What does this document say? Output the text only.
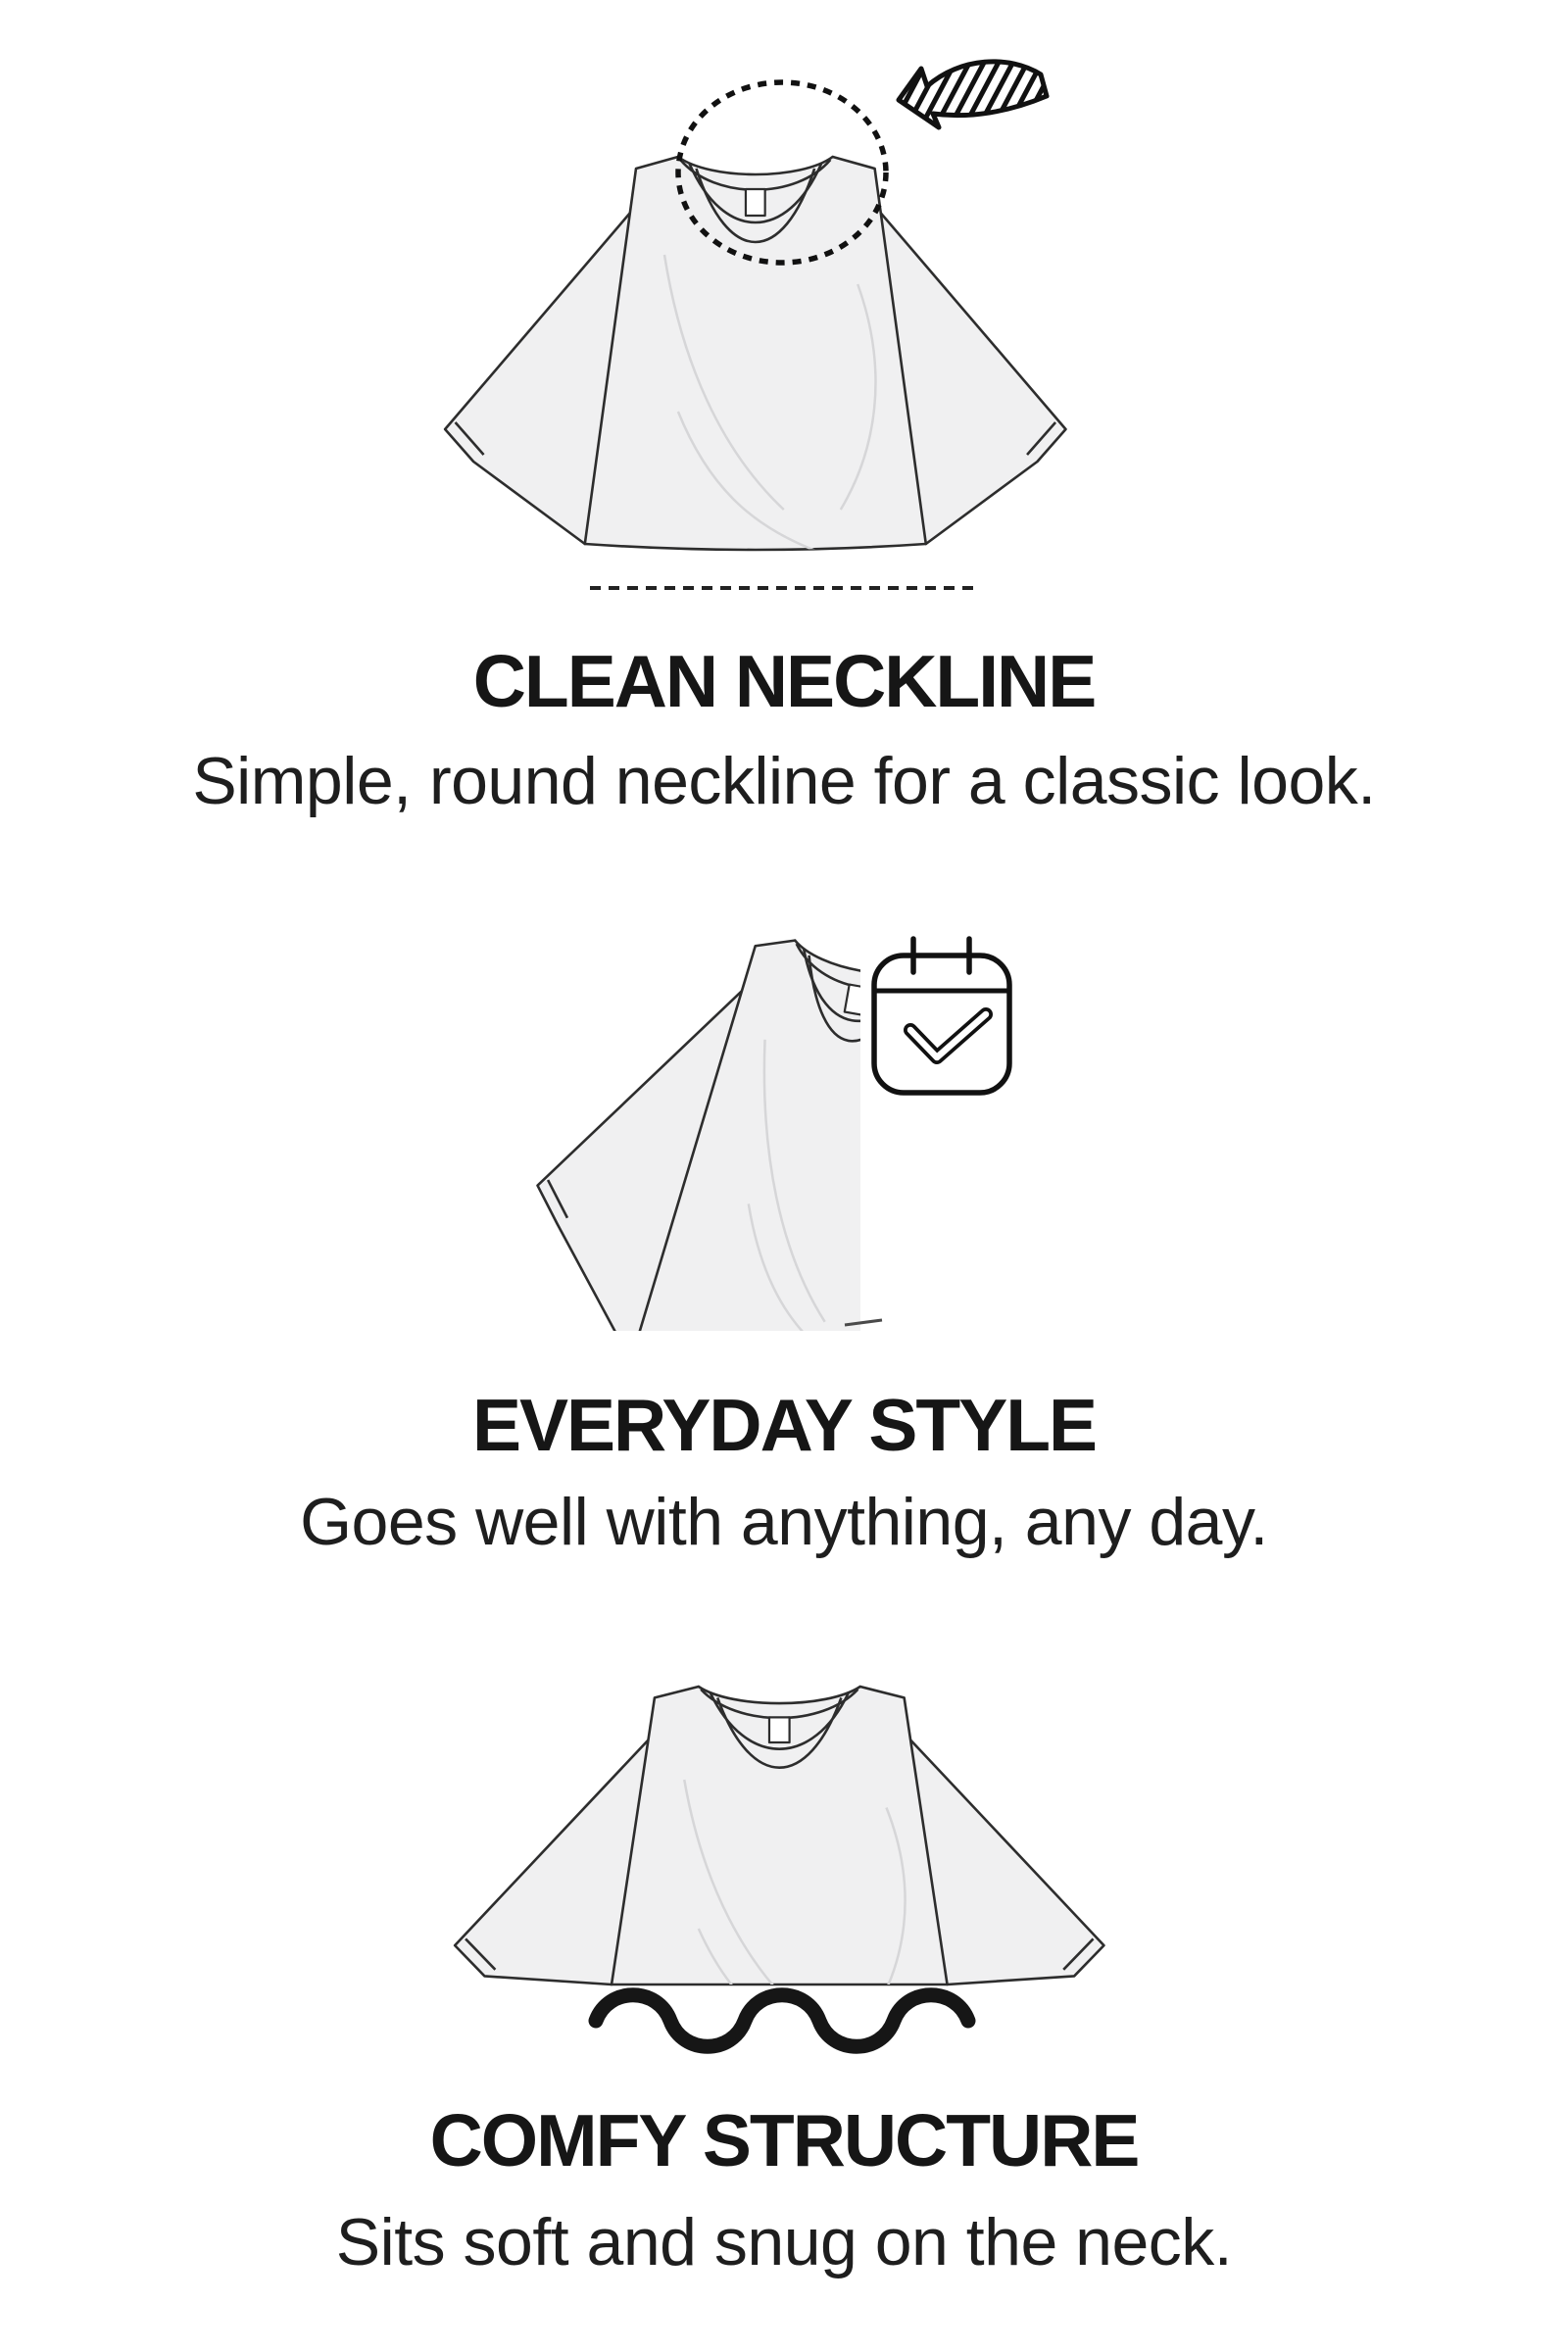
CLEAN NECKLINE
Simple, round neckline for a classic look.
EVERYDAY STYLE
Goes well with anything, any day.
COMFY STRUCTURE
Sits soft and snug on the neck.
